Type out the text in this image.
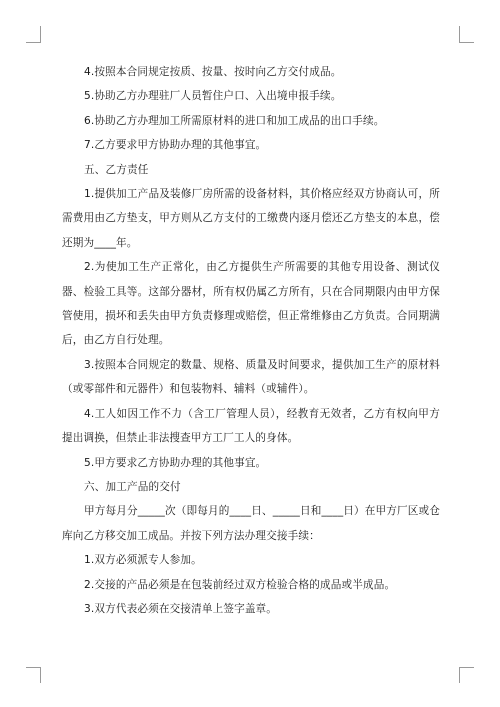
4.按照本合同规定按质、按量、按时向乙方交付成品。

5.协助乙方办理驻厂人员暂住户口、入出境申报手续。

6.协助乙方办理加工所需原材料的进口和加工成品的出口手续。

7.乙方要求甲方协助办理的其他事宜。

五、乙方责任

1.提供加工产品及装修厂房所需的设备材料，其价格应经双方协商认可，所需费用由乙方垫支，甲方则从乙方支付的工缴费内逐月偿还乙方垫支的本息，偿还期为____年。

2.为使加工生产正常化，由乙方提供生产所需要的其他专用设备、测试仪器、检验工具等。这部分器材，所有权仍属乙方所有，只在合同期限内由甲方保管使用，损坏和丢失由甲方负责修理或赔偿，但正常维修由乙方负责。合同期满后，由乙方自行处理。

3.按照本合同规定的数量、规格、质量及时间要求，提供加工生产的原材料（或零部件和元器件）和包装物料、辅料（或辅件）。

4.工人如因工作不力（含工厂管理人员），经教育无效者，乙方有权向甲方提出调换，但禁止非法搜查甲方工厂工人的身体。

5.甲方要求乙方协助办理的其他事宜。

六、加工产品的交付

甲方每月分_____次（即每月的____日、_____日和____日）在甲方厂区或仓库向乙方移交加工成品。并按下列方法办理交接手续：

1.双方必须派专人参加。

2.交接的产品必须是在包装前经过双方检验合格的成品或半成品。

3.双方代表必须在交接清单上签字盖章。
